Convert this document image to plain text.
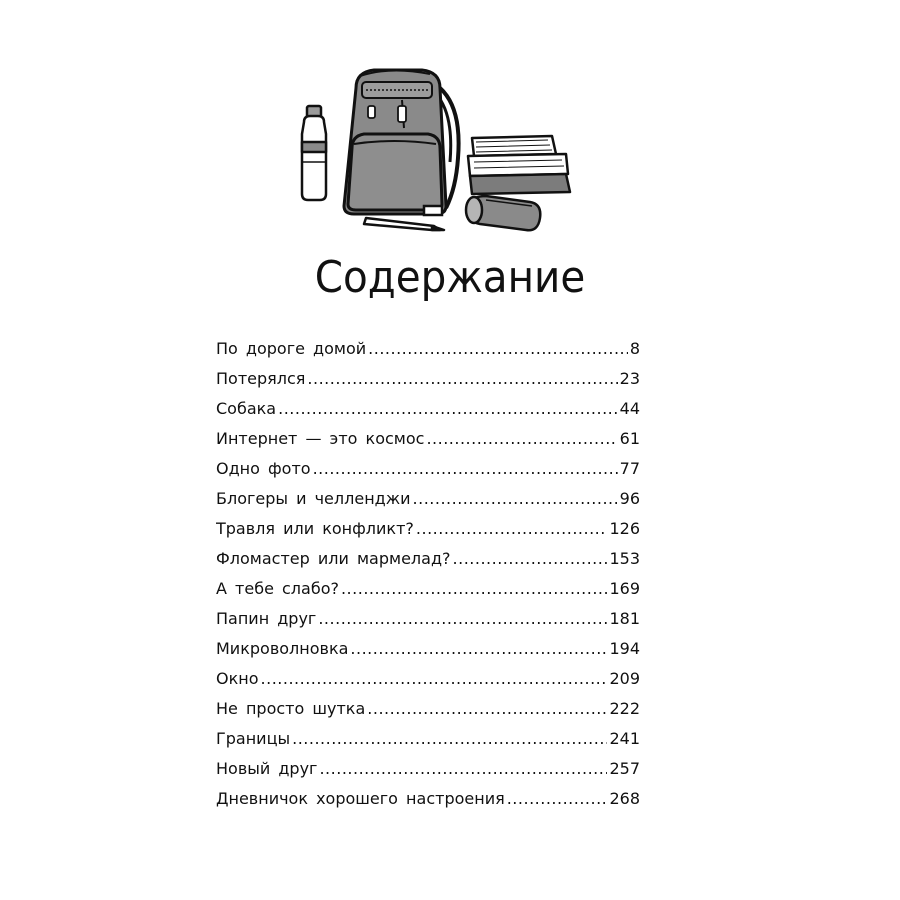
Содержание
По дороге домой .....	8
Потерялся .....	23
Собака .....	44
Интернет — это космос .....	61
Одно фото .....	77
Блогеры и челленджи .....	96
Травля или конфликт? .....	126
Фломастер или мармелад? .....	153
А тебе слабо? .....	169
Папин друг .....	181
Микроволновка .....	194
Окно .....	209
Не просто шутка .....	222
Границы .....	241
Новый друг .....	257
Дневничок хорошего настроения .....	268
